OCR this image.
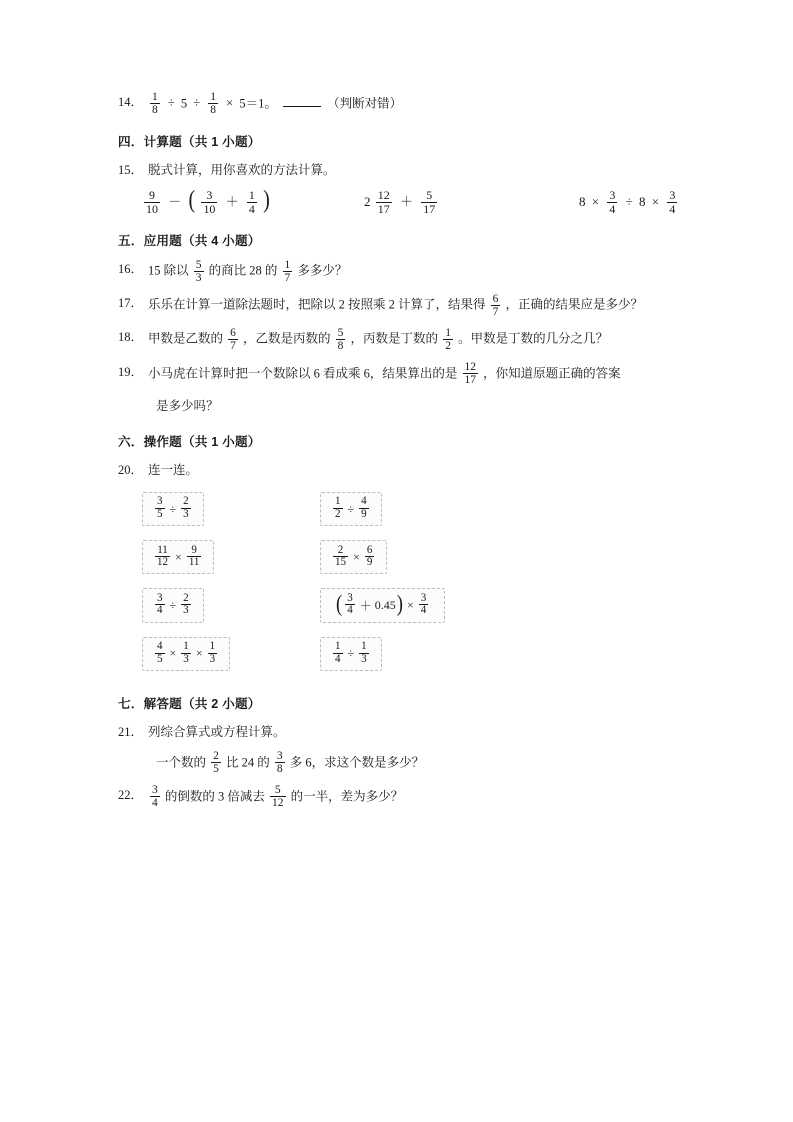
14． $\frac{1}{8} \div 5 \div \frac{1}{8} \times 5=1$。	（判断对错）
四．计算题（共 1 小题）
15． 脱式计算，用你喜欢的方法计算。
$\frac{9}{10}$ － ( $\frac{3}{10} + \frac{1}{4}$ )	$2 \frac{12}{17} + \frac{5}{17}$	$8 \times \frac{3}{4} \div 8 \times \frac{3}{4}$
五．应用题（共 4 小题）
16． 15 除以 $\frac{5}{3}$ 的商比 28 的 $\frac{1}{7}$ 多多少？
17． 乐乐在计算一道除法题时，把除以 2 按照乘 2 计算了，结果得 $\frac{6}{7}$ ，正确的结果应是多少？
18． 甲数是乙数的 $\frac{6}{7}$ ，乙数是丙数的 $\frac{5}{8}$ ，丙数是丁数的 $\frac{1}{2}$ 。甲数是丁数的几分之几？
19． 小马虎在计算时把一个数除以 6 看成乘 6，结果算出的是 $\frac{12}{17}$ ，你知道原题正确的答案
是多少吗？
六．操作题（共 1 小题）
20． 连一连。
$\frac{3}{5} \div \frac{2}{3}$	$\frac{1}{2} \div \frac{4}{9}$
$\frac{11}{12} \times \frac{9}{11}$	$\frac{2}{15} \times \frac{6}{9}$
$\frac{3}{4} \div \frac{2}{3}$	( $\frac{3}{4} + 0.45$ ) × $\frac{3}{4}$
$\frac{4}{5} \times \frac{1}{3} \times \frac{1}{3}$	$\frac{1}{4} \div \frac{1}{3}$
七．解答题（共 2 小题）
21． 列综合算式或方程计算。
一个数的 $\frac{2}{5}$ 比 24 的 $\frac{3}{8}$ 多 6，求这个数是多少？
22． $\frac{3}{4}$ 的倒数的 3 倍减去 $\frac{5}{12}$ 的一半，差为多少？
